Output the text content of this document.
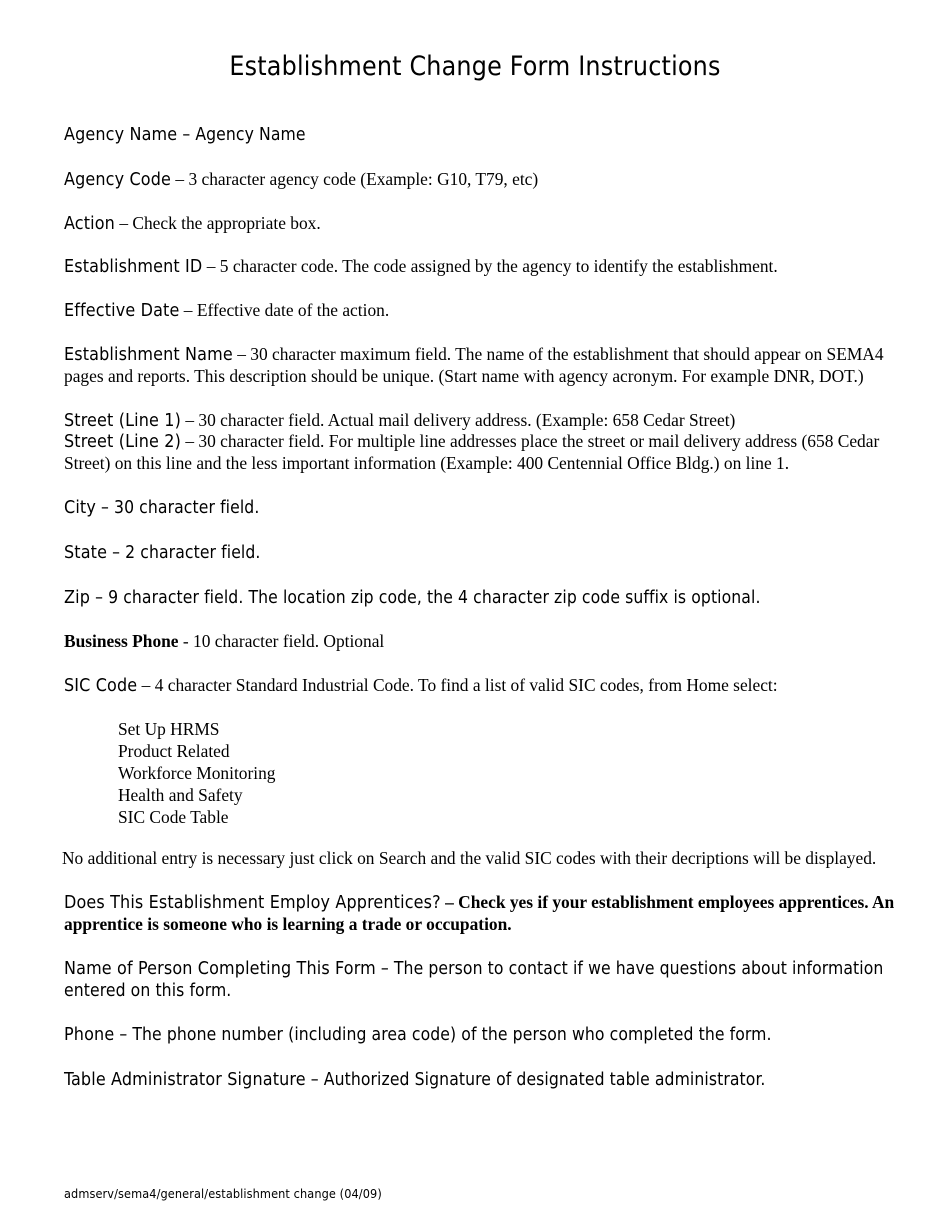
Establishment Change Form Instructions

Agency Name – Agency Name

Agency Code – 3 character agency code (Example: G10, T79, etc)

Action – Check the appropriate box.

Establishment ID – 5 character code. The code assigned by the agency to identify the establishment.

Effective Date – Effective date of the action.

Establishment Name – 30 character maximum field. The name of the establishment that should appear on SEMA4 pages and reports. This description should be unique. (Start name with agency acronym. For example DNR, DOT.)

Street (Line 1) – 30 character field. Actual mail delivery address. (Example: 658 Cedar Street)
Street (Line 2) – 30 character field. For multiple line addresses place the street or mail delivery address (658 Cedar Street) on this line and the less important information (Example: 400 Centennial Office Bldg.) on line 1.

City – 30 character field.

State – 2 character field.

Zip – 9 character field. The location zip code, the 4 character zip code suffix is optional.

Business Phone - 10 character field. Optional

SIC Code – 4 character Standard Industrial Code. To find a list of valid SIC codes, from Home select:

Set Up HRMS
Product Related
Workforce Monitoring
Health and Safety
SIC Code Table

No additional entry is necessary just click on Search and the valid SIC codes with their decriptions will be displayed.

Does This Establishment Employ Apprentices? – Check yes if your establishment employees apprentices. An apprentice is someone who is learning a trade or occupation.

Name of Person Completing This Form – The person to contact if we have questions about information entered on this form.

Phone – The phone number (including area code) of the person who completed the form.

Table Administrator Signature – Authorized Signature of designated table administrator.

admserv/sema4/general/establishment change (04/09)
